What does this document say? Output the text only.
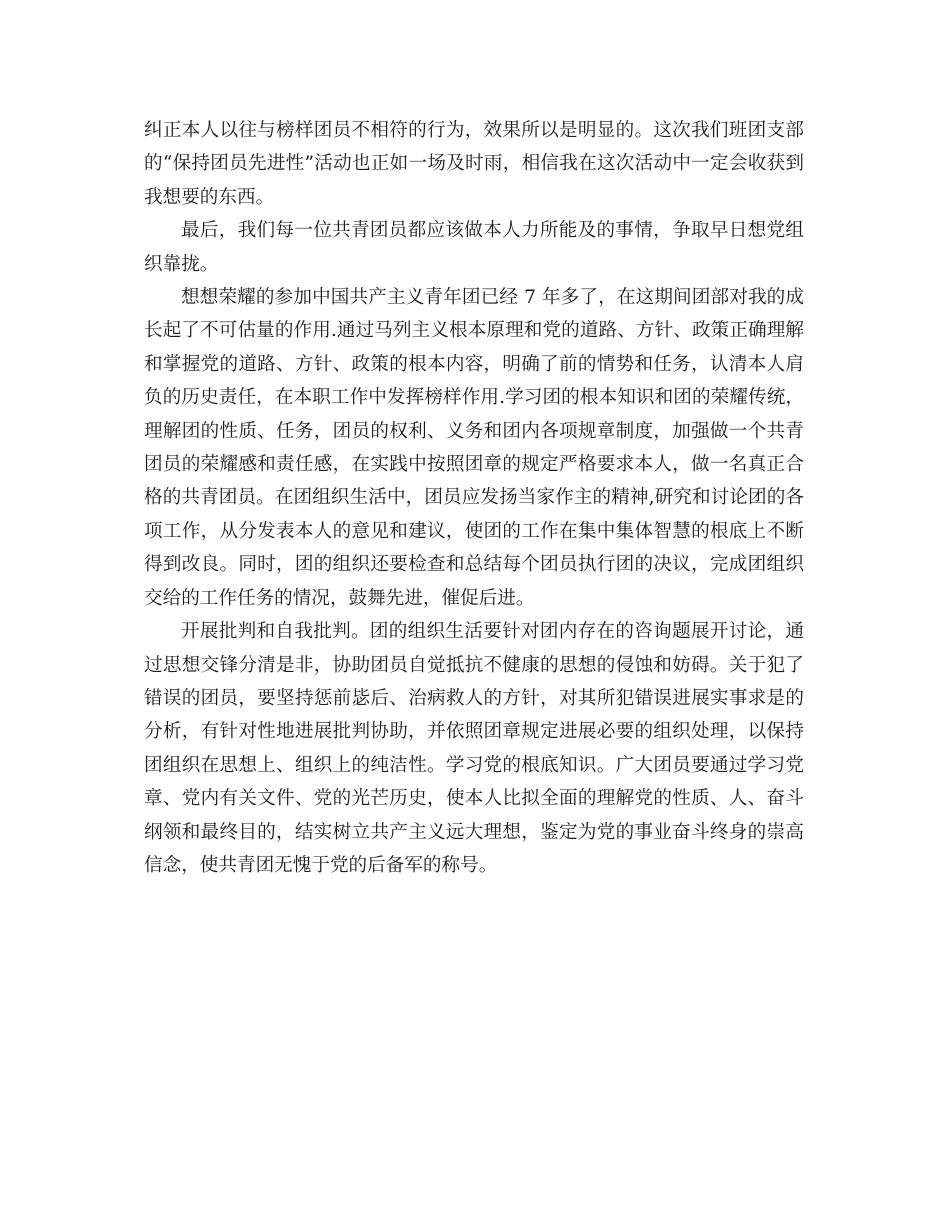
纠正本人以往与榜样团员不相符的行为，效果所以是明显的。这次我们班团支部的“保持团员先进性”活动也正如一场及时雨，相信我在这次活动中一定会收获到我想要的东西。

最后，我们每一位共青团员都应该做本人力所能及的事情，争取早日想党组织靠拢。

想想荣耀的参加中国共产主义青年团已经 7 年多了，在这期间团部对我的成长起了不可估量的作用.通过马列主义根本原理和党的道路、方针、政策正确理解和掌握党的道路、方针、政策的根本内容，明确了前的情势和任务，认清本人肩负的历史责任，在本职工作中发挥榜样作用.学习团的根本知识和团的荣耀传统，理解团的性质、任务，团员的权利、义务和团内各项规章制度，加强做一个共青团员的荣耀感和责任感，在实践中按照团章的规定严格要求本人，做一名真正合格的共青团员。在团组织生活中，团员应发扬当家作主的精神,研究和讨论团的各项工作，从分发表本人的意见和建议，使团的工作在集中集体智慧的根底上不断得到改良。同时，团的组织还要检查和总结每个团员执行团的决议，完成团组织交给的工作任务的情况，鼓舞先进，催促后进。

开展批判和自我批判。团的组织生活要针对团内存在的咨询题展开讨论，通过思想交锋分清是非，协助团员自觉抵抗不健康的思想的侵蚀和妨碍。关于犯了错误的团员，要坚持惩前毖后、治病救人的方针，对其所犯错误进展实事求是的分析，有针对性地进展批判协助，并依照团章规定进展必要的组织处理，以保持团组织在思想上、组织上的纯洁性。学习党的根底知识。广大团员要通过学习党章、党内有关文件、党的光芒历史，使本人比拟全面的理解党的性质、人、奋斗纲领和最终目的，结实树立共产主义远大理想，鉴定为党的事业奋斗终身的崇高信念，使共青团无愧于党的后备军的称号。
